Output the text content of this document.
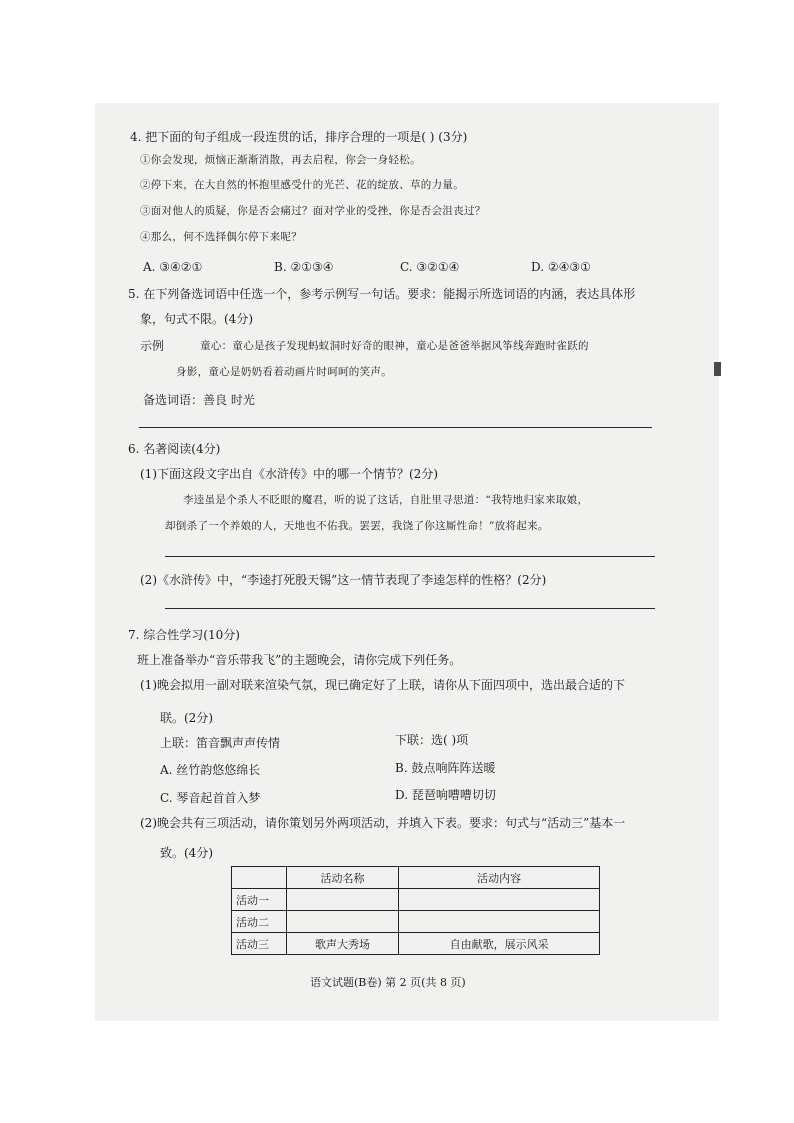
4. 把下面的句子组成一段连贯的话，排序合理的一项是( ) (3分)
①你会发现，烦恼正渐渐消散，再去启程，你会一身轻松。
②停下来，在大自然的怀抱里感受什的光芒、花的绽放、草的力量。
③面对他人的质疑，你是否会痛过？面对学业的受挫，你是否会沮丧过？
④那么，何不选择偶尔停下来呢？
A. ③④②①	B. ②①③④	C. ③②①④	D. ②④③①
5. 在下列备选词语中任选一个，参考示例写一句话。要求：能揭示所选词语的内涵，表达具体形
象，句式不限。(4分)
示例	童心：童心是孩子发现蚂蚁洞时好奇的眼神，童心是爸爸举据风筝线奔跑时雀跃的
身影，童心是奶奶看着动画片时呵呵的笑声。
备选词语：善良 时光
6. 名著阅读(4分)
(1)下面这段文字出自《水浒传》中的哪一个情节？(2分)
李逵虽是个杀人不眨眼的魔君，听的说了这话，自肚里寻思道：“我特地归家来取娘，
却倒杀了一个养娘的人，天地也不佑我。罢罢，我饶了你这厮性命！”放将起来。
(2)《水浒传》中，“李逵打死殷天锡”这一情节表现了李逵怎样的性格？(2分)
7. 综合性学习(10分)
班上准备举办“音乐带我飞”的主题晚会，请你完成下列任务。
(1)晚会拟用一副对联来渲染气氛，现已确定好了上联，请你从下面四项中，选出最合适的下
联。(2分)
上联：笛音飘声声传情	下联：选( )项
A. 丝竹韵悠悠绵长	B. 鼓点响阵阵送暖
C. 琴音起首首入梦	D. 琵琶响嘈嘈切切
(2)晚会共有三项活动，请你策划另外两项活动，并填入下表。要求：句式与“活动三”基本一
致。(4分)
	活动名称	活动内容
活动一		
活动二		
活动三	歌声大秀场	自由献歌，展示风采
语文试题(B卷) 第 2 页(共 8 页)
